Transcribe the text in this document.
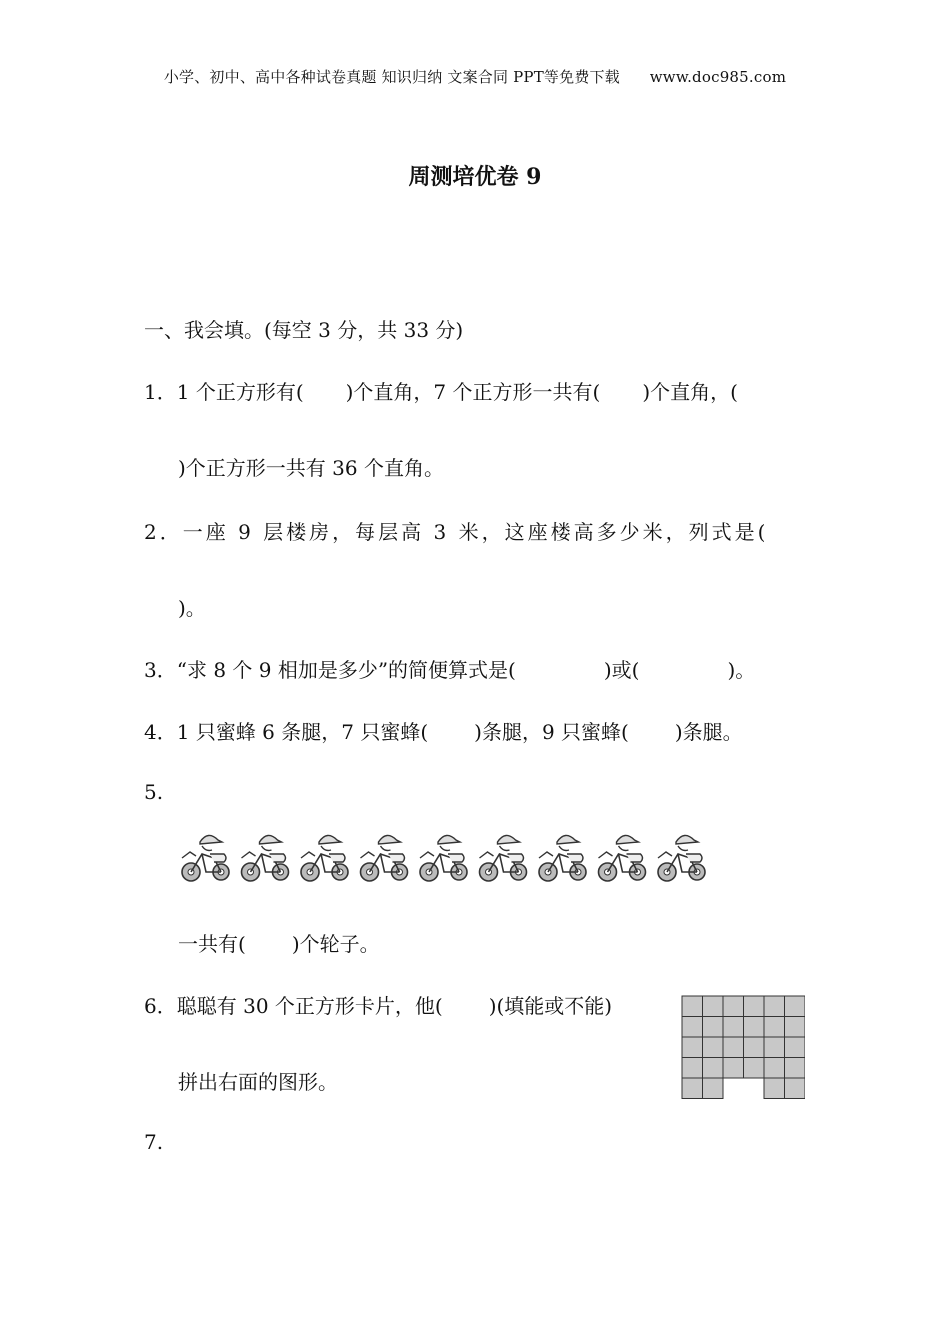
小学、初中、高中各种试卷真题 知识归纳 文案合同 PPT等免费下载 www.doc985.com
周测培优卷 9
一、我会填。(每空 3 分，共 33 分)
1．1 个正方形有( )个直角，7 个正方形一共有( )个直角，(
)个正方形一共有 36 个直角。
2．一座 9 层楼房，每层高 3 米，这座楼高多少米，列式是(
)。
3．“求 8 个 9 相加是多少”的简便算式是(	)或(	)。
4．1 只蜜蜂 6 条腿，7 只蜜蜂( )条腿，9 只蜜蜂( )条腿。
5.
一共有( )个轮子。
6．聪聪有 30 个正方形卡片，他( )(填能或不能)
拼出右面的图形。
7.
